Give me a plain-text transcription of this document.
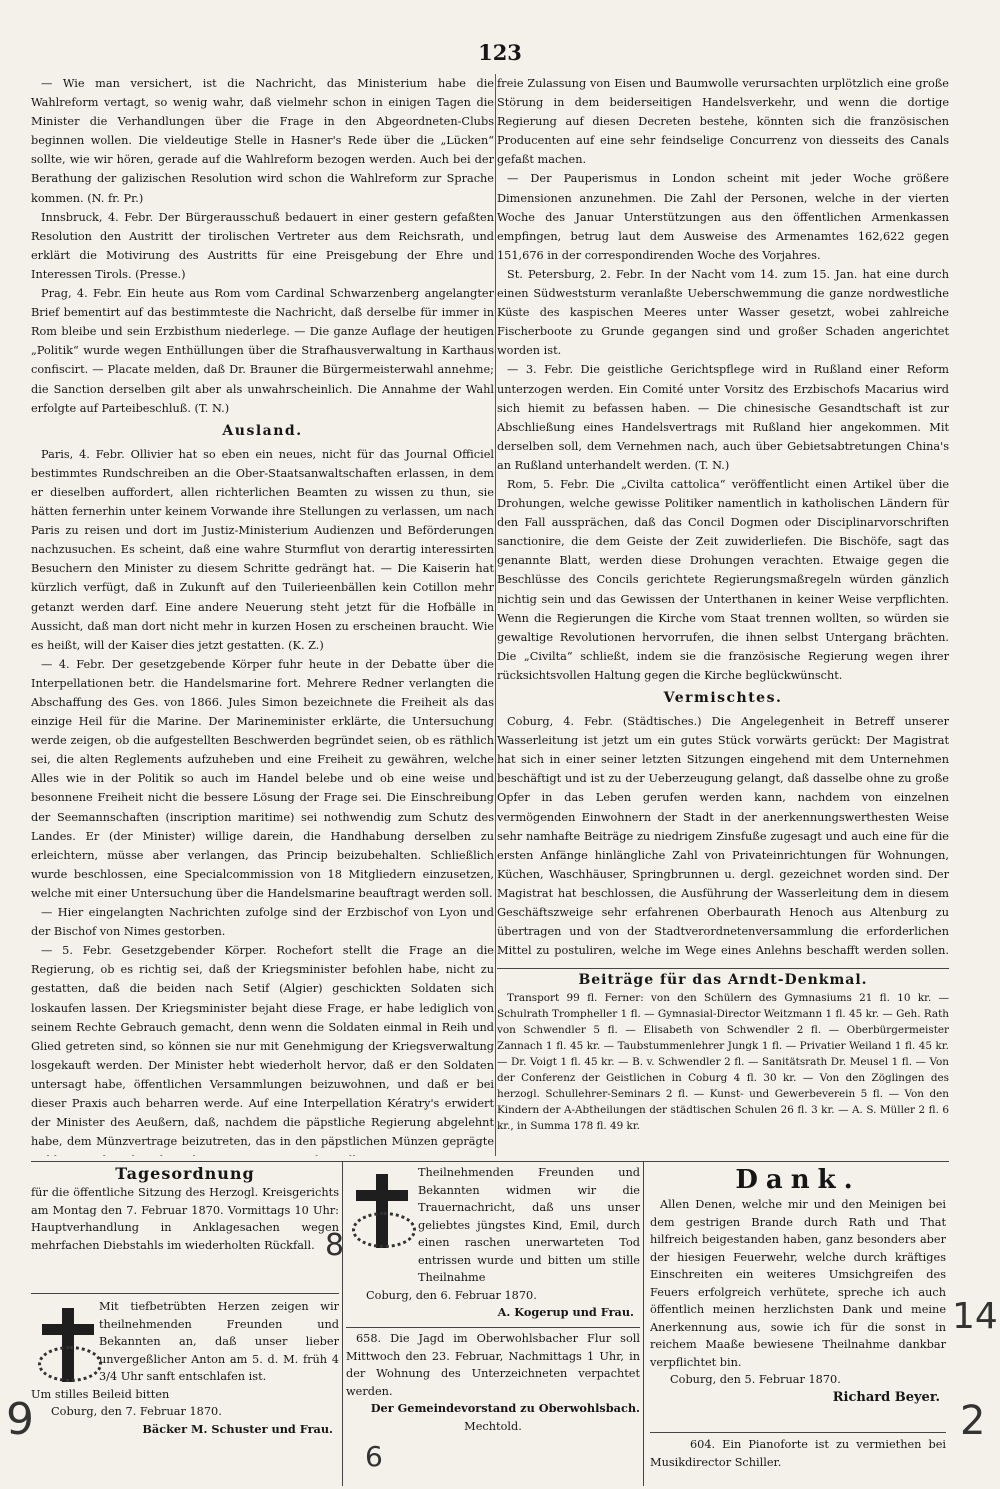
123

— Wie man versichert, ist die Nachricht, das Ministerium habe die Wahlreform vertagt, so wenig wahr, daß vielmehr schon in einigen Tagen die Minister die Verhandlungen über die Frage in den Abgeordneten-Clubs beginnen wollen. Die vieldeutige Stelle in Hasner's Rede über die „Lücken“ sollte, wie wir hören, gerade auf die Wahlreform bezogen werden. Auch bei der Berathung der galizischen Resolution wird schon die Wahlreform zur Sprache kommen. (N. fr. Pr.)

Innsbruck, 4. Febr. Der Bürgerausschuß bedauert in einer gestern gefaßten Resolution den Austritt der tirolischen Vertreter aus dem Reichsrath, und erklärt die Motivirung des Austritts für eine Preisgebung der Ehre und Interessen Tirols. (Presse.)

Prag, 4. Febr. Ein heute aus Rom vom Cardinal Schwarzenberg angelangter Brief bementirt auf das bestimmteste die Nachricht, daß derselbe für immer in Rom bleibe und sein Erzbisthum niederlege. — Die ganze Auflage der heutigen „Politik“ wurde wegen Enthüllungen über die Strafhausverwaltung in Karthaus confiscirt. — Placate melden, daß Dr. Brauner die Bürgermeisterwahl annehme; die Sanction derselben gilt aber als unwahrscheinlich. Die Annahme der Wahl erfolgte auf Parteibeschluß. (T. N.)

Ausland.

Paris, 4. Febr. Ollivier hat so eben ein neues, nicht für das Journal Officiel bestimmtes Rundschreiben an die Ober-Staatsanwaltschaften erlassen, in dem er dieselben auffordert, allen richterlichen Beamten zu wissen zu thun, sie hätten fernerhin unter keinem Vorwande ihre Stellungen zu verlassen, um nach Paris zu reisen und dort im Justiz-Ministerium Audienzen und Beförderungen nachzusuchen. Es scheint, daß eine wahre Sturmflut von derartig interessirten Besuchern den Minister zu diesem Schritte gedrängt hat. — Die Kaiserin hat kürzlich verfügt, daß in Zukunft auf den Tuilerieenbällen kein Cotillon mehr getanzt werden darf. Eine andere Neuerung steht jetzt für die Hofbälle in Aussicht, daß man dort nicht mehr in kurzen Hosen zu erscheinen braucht. Wie es heißt, will der Kaiser dies jetzt gestatten. (K. Z.)

— 4. Febr. Der gesetzgebende Körper fuhr heute in der Debatte über die Interpellationen betr. die Handelsmarine fort. Mehrere Redner verlangten die Abschaffung des Ges. von 1866. Jules Simon bezeichnete die Freiheit als das einzige Heil für die Marine. Der Marineminister erklärte, die Untersuchung werde zeigen, ob die aufgestellten Beschwerden begründet seien, ob es räthlich sei, die alten Reglements aufzuheben und eine Freiheit zu gewähren, welche Alles wie in der Politik so auch im Handel belebe und ob eine weise und besonnene Freiheit nicht die bessere Lösung der Frage sei. Die Einschreibung der Seemannschaften (inscription maritime) sei nothwendig zum Schutz des Landes. Er (der Minister) willige darein, die Handhabung derselben zu erleichtern, müsse aber verlangen, das Princip beizubehalten. Schließlich wurde beschlossen, eine Specialcommission von 18 Mitgliedern einzusetzen, welche mit einer Untersuchung über die Handelsmarine beauftragt werden soll.

— Hier eingelangten Nachrichten zufolge sind der Erzbischof von Lyon und der Bischof von Nimes gestorben.

— 5. Febr. Gesetzgebender Körper. Rochefort stellt die Frage an die Regierung, ob es richtig sei, daß der Kriegsminister befohlen habe, nicht zu gestatten, daß die beiden nach Setif (Algier) geschickten Soldaten sich loskaufen lassen. Der Kriegsminister bejaht diese Frage, er habe lediglich von seinem Rechte Gebrauch gemacht, denn wenn die Soldaten einmal in Reih und Glied getreten sind, so können sie nur mit Genehmigung der Kriegsverwaltung losgekauft werden. Der Minister hebt wiederholt hervor, daß er den Soldaten untersagt habe, öffentlichen Versammlungen beizuwohnen, und daß er bei dieser Praxis auch beharren werde. Auf eine Interpellation Kératry's erwidert der Minister des Aeußern, daß, nachdem die päpstliche Regierung abgelehnt habe, dem Münzvertrage beizutreten, das in den päpstlichen Münzen geprägte

freie Zulassung von Eisen und Baumwolle verursachten urplötzlich eine große Störung in dem beiderseitigen Handelsverkehr, und wenn die dortige Regierung auf diesen Decreten bestehe, könnten sich die französischen Producenten auf eine sehr feindselige Concurrenz von diesseits des Canals gefaßt machen.

— Der Pauperismus in London scheint mit jeder Woche größere Dimensionen anzunehmen. Die Zahl der Personen, welche in der vierten Woche des Januar Unterstützungen aus den öffentlichen Armenkassen empfingen, betrug laut dem Ausweise des Armenamtes 162,622 gegen 151,676 in der correspondirenden Woche des Vorjahres.

St. Petersburg, 2. Febr. In der Nacht vom 14. zum 15. Jan. hat eine durch einen Südweststurm veranlaßte Ueberschwemmung die ganze nordwestliche Küste des kaspischen Meeres unter Wasser gesetzt, wobei zahlreiche Fischerboote zu Grunde gegangen sind und großer Schaden angerichtet worden ist.

— 3. Febr. Die geistliche Gerichtspflege wird in Rußland einer Reform unterzogen werden. Ein Comité unter Vorsitz des Erzbischofs Macarius wird sich hiemit zu befassen haben. — Die chinesische Gesandtschaft ist zur Abschließung eines Handelsvertrags mit Rußland hier angekommen. Mit derselben soll, dem Vernehmen nach, auch über Gebietsabtretungen China's an Rußland unterhandelt werden. (T. N.)

Rom, 5. Febr. Die „Civilta cattolica“ veröffentlicht einen Artikel über die Drohungen, welche gewisse Politiker namentlich in katholischen Ländern für den Fall aussprächen, daß das Concil Dogmen oder Disciplinarvorschriften sanctionire, die dem Geiste der Zeit zuwiderliefen. Die Bischöfe, sagt das genannte Blatt, werden diese Drohungen verachten. Etwaige gegen die Beschlüsse des Concils gerichtete Regierungsmaßregeln würden gänzlich nichtig sein und das Gewissen der Unterthanen in keiner Weise verpflichten. Wenn die Regierungen die Kirche vom Staat trennen wollten, so würden sie gewaltige Revolutionen hervorrufen, die ihnen selbst Untergang brächten. Die „Civilta“ schließt, indem sie die französische Regierung wegen ihrer rücksichtsvollen Haltung gegen die Kirche beglückwünscht.

Vermischtes.

Coburg, 4. Febr. (Städtisches.) Die Angelegenheit in Betreff unserer Wasserleitung ist jetzt um ein gutes Stück vorwärts gerückt: Der Magistrat hat sich in einer seiner letzten Sitzungen eingehend mit dem Unternehmen beschäftigt und ist zu der Ueberzeugung gelangt, daß dasselbe ohne zu große Opfer in das Leben gerufen werden kann, nachdem von einzelnen vermögenden Einwohnern der Stadt in der anerkennungswerthesten Weise sehr namhafte Beiträge zu niedrigem Zinsfuße zugesagt und auch eine für die ersten Anfänge hinlängliche Zahl von Privateinrichtungen für Wohnungen, Küchen, Waschhäuser, Springbrunnen u. dergl. gezeichnet worden sind. Der Magistrat hat beschlossen, die Ausführung der Wasserleitung dem in diesem Geschäftszweige sehr erfahrenen Oberbaurath Henoch aus Altenburg zu übertragen und von der Stadtverordnetenversammlung die erforderlichen Mittel zu postuliren, welche im Wege eines Anlehns beschafft werden sollen.

Beiträge für das Arndt-Denkmal.

Transport 99 fl. Ferner: von den Schülern des Gymnasiums 21 fl. 10 kr. — Schulrath Trompheller 1 fl. — Gymnasial-Director Weitzmann 1 fl. 45 kr. — Geh. Rath von Schwendler 5 fl. — Elisabeth von Schwendler 2 fl. — Oberbürgermeister Zannach 1 fl. 45 kr. — Taubstummenlehrer Jungk 1 fl. — Privatier Weiland 1 fl. 45 kr. — Dr. Voigt 1 fl. 45 kr. — B. v. Schwendler 2 fl. — Sanitätsrath Dr. Meusel 1 fl. — Von der Conferenz der Geistlichen in Coburg 4 fl. 30 kr. — Von den Zöglingen des herzogl. Schullehrer-Seminars 2 fl. — Kunst- und Gewerbeverein 5 fl. — Von den Kindern der A-Abtheilungen der städtischen Schulen 26 fl. 3 kr. — A. S. Müller 2 fl. 6 kr., in Summa 178 fl. 49 kr.

Tagesordnung

für die öffentliche Sitzung des Herzogl. Kreisgerichts am Montag den 7. Februar 1870. Vormittags 10 Uhr: Hauptverhandlung in Anklagesachen wegen mehrfachen Diebstahls im wiederholten Rückfall.

Mit tiefbetrübten Herzen zeigen wir theilnehmenden Freunden und Bekannten an, daß unser lieber unvergeßlicher Anton am 5. d. M. früh 4 3/4 Uhr sanft entschlafen ist.

Um stilles Beileid bitten

Coburg, den 7. Februar 1870.

Bäcker M. Schuster und Frau.

Theilnehmenden Freunden und Bekannten widmen wir die Trauernachricht, daß uns unser geliebtes jüngstes Kind, Emil, durch einen raschen unerwarteten Tod entrissen wurde und bitten um stille Theilnahme

Coburg, den 6. Februar 1870.

A. Kogerup und Frau.

658. Die Jagd im Oberwohlsbacher Flur soll Mittwoch den 23. Februar, Nachmittags 1 Uhr, in der Wohnung des Unterzeichneten verpachtet werden.

Der Gemeindevorstand zu Oberwohlsbach.

Mechtold.

Dank.

Allen Denen, welche mir und den Meinigen bei dem gestrigen Brande durch Rath und That hilfreich beigestanden haben, ganz besonders aber der hiesigen Feuerwehr, welche durch kräftiges Einschreiten ein weiteres Umsichgreifen des Feuers erfolgreich verhütete, spreche ich auch öffentlich meinen herzlichsten Dank und meine Anerkennung aus, sowie ich für die sonst in reichem Maaße bewiesene Theilnahme dankbar verpflichtet bin.

Coburg, den 5. Februar 1870.

Richard Beyer.

604. Ein Pianoforte ist zu vermiethen bei Musikdirector Schiller.

9
8
6
14
2
